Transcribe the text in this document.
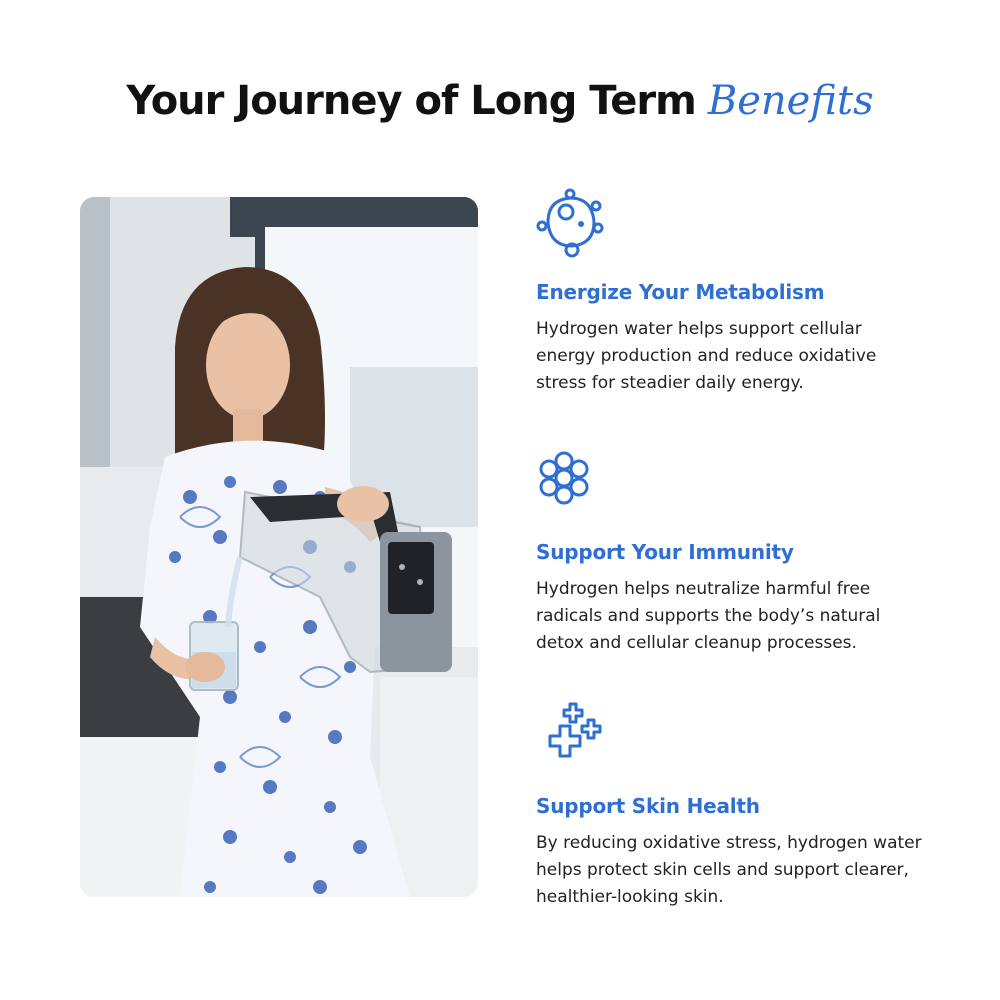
Your Journey of Long Term Benefits
Energize Your Metabolism
Hydrogen water helps support cellular energy production and reduce oxidative stress for steadier daily energy.
Support Your Immunity
Hydrogen helps neutralize harmful free radicals and supports the body’s natural detox and cellular cleanup processes.
Support Skin Health
By reducing oxidative stress, hydrogen water helps protect skin cells and support clearer, healthier-looking skin.
